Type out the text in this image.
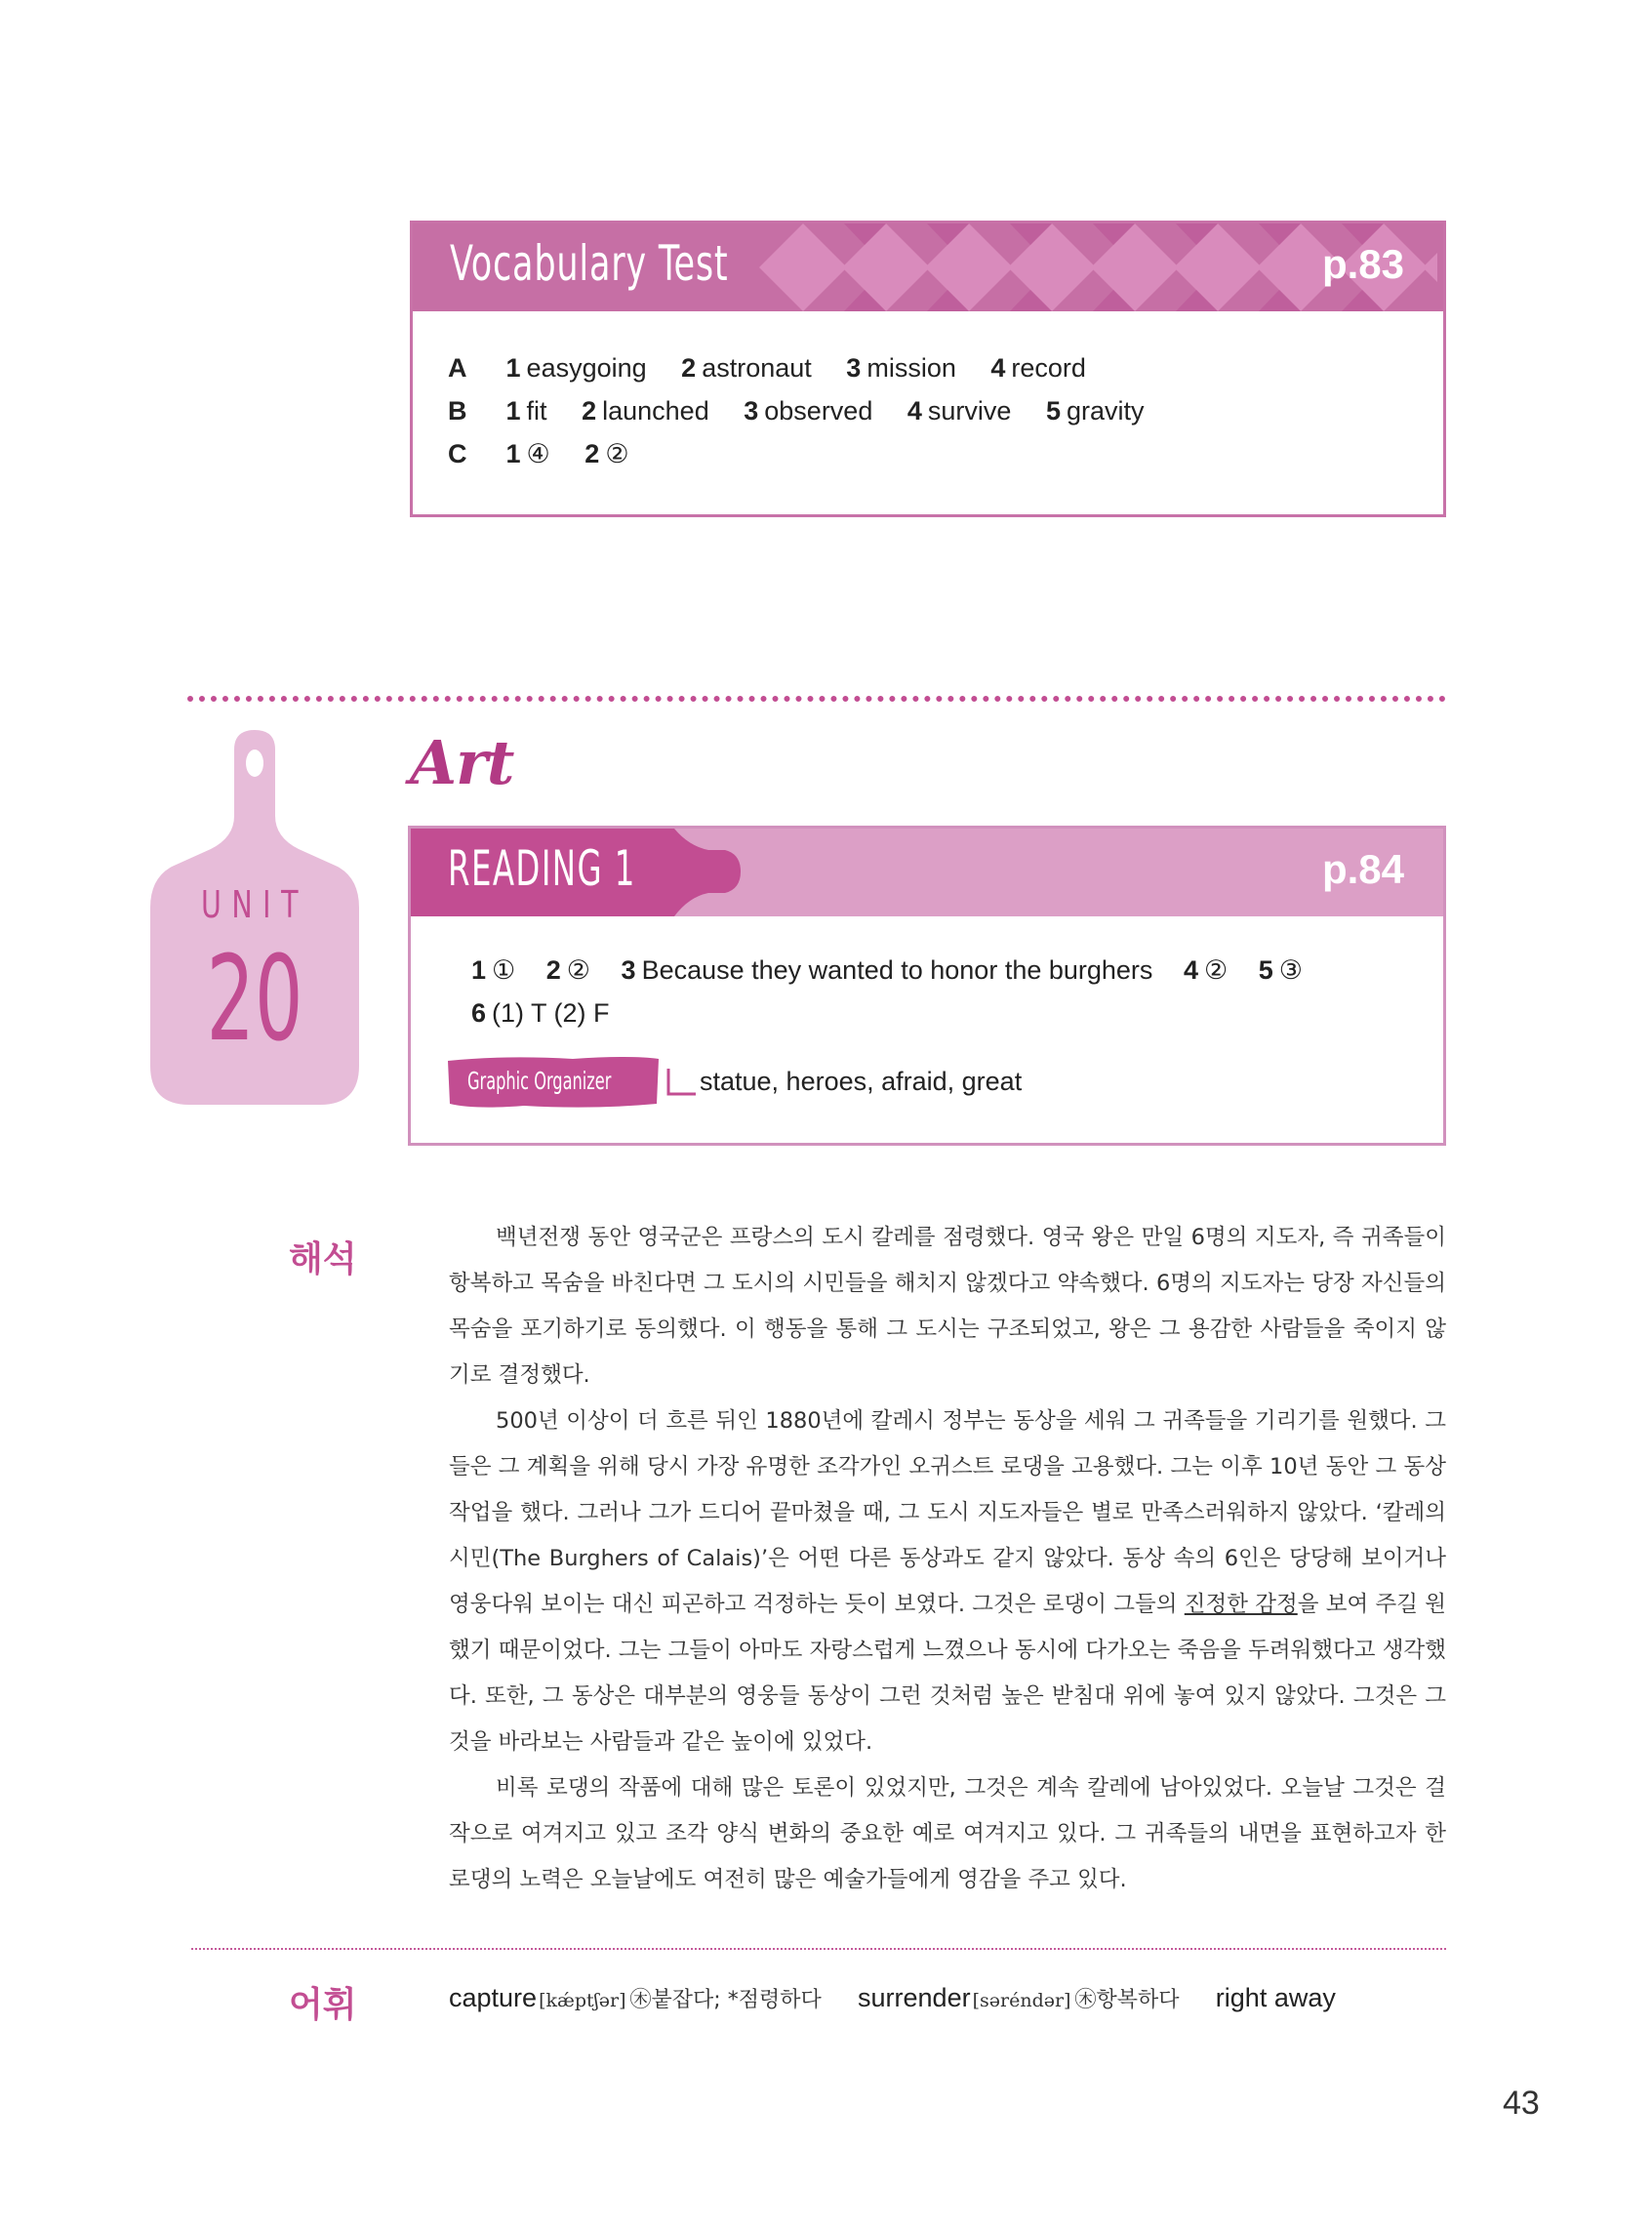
Vocabulary Test	p.83
A 1 easygoing 2 astronaut 3 mission 4 record
B 1 fit 2 launched 3 observed 4 survive 5 gravity
C 1 ④ 2 ②
UNIT
20
Art
READING 1	p.84
1 ① 2 ② 3 Because they wanted to honor the burghers 4 ② 5 ③
6 (1) T (2) F
Graphic Organizer	statue, heroes, afraid, great
해석

백년전쟁 동안 영국군은 프랑스의 도시 칼레를 점령했다. 영국 왕은 만일 6명의 지도자, 즉 귀족들이 항복하고 목숨을 바친다면 그 도시의 시민들을 해치지 않겠다고 약속했다. 6명의 지도자는 당장 자신들의 목숨을 포기하기로 동의했다. 이 행동을 통해 그 도시는 구조되었고, 왕은 그 용감한 사람들을 죽이지 않기로 결정했다.

500년 이상이 더 흐른 뒤인 1880년에 칼레시 정부는 동상을 세워 그 귀족들을 기리기를 원했다. 그들은 그 계획을 위해 당시 가장 유명한 조각가인 오귀스트 로댕을 고용했다. 그는 이후 10년 동안 그 동상 작업을 했다. 그러나 그가 드디어 끝마쳤을 때, 그 도시 지도자들은 별로 만족스러워하지 않았다. ‘칼레의 시민(The Burghers of Calais)’은 어떤 다른 동상과도 같지 않았다. 동상 속의 6인은 당당해 보이거나 영웅다워 보이는 대신 피곤하고 걱정하는 듯이 보였다. 그것은 로댕이 그들의 진정한 감정을 보여 주길 원했기 때문이었다. 그는 그들이 아마도 자랑스럽게 느꼈으나 동시에 다가오는 죽음을 두려워했다고 생각했다. 또한, 그 동상은 대부분의 영웅들 동상이 그런 것처럼 높은 받침대 위에 놓여 있지 않았다. 그것은 그것을 바라보는 사람들과 같은 높이에 있었다.

비록 로댕의 작품에 대해 많은 토론이 있었지만, 그것은 계속 칼레에 남아있었다. 오늘날 그것은 걸작으로 여겨지고 있고 조각 양식 변화의 중요한 예로 여겨지고 있다. 그 귀족들의 내면을 표현하고자 한 로댕의 노력은 오늘날에도 여전히 많은 예술가들에게 영감을 주고 있다.

어휘	capture [kǽptʃər] ㊍붙잡다; *점령하다 surrender [səréndər] ㊍항복하다 right away
43
